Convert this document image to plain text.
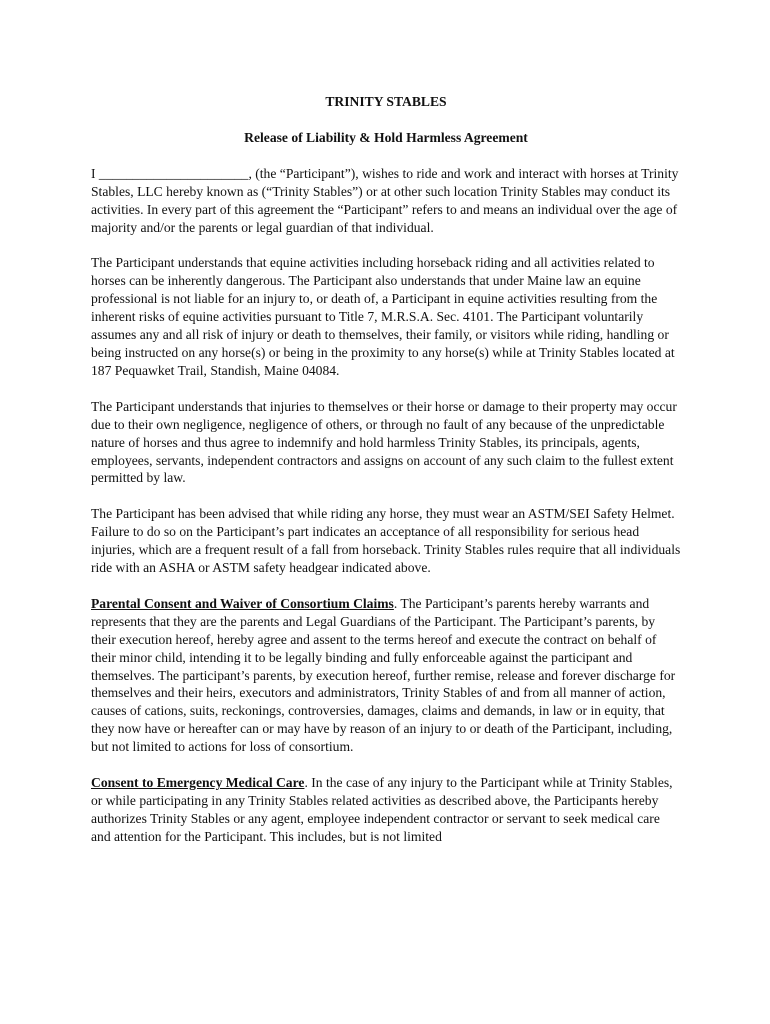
TRINITY STABLES
Release of Liability & Hold Harmless Agreement

I ______________________, (the “Participant”), wishes to ride and work and interact with horses at Trinity Stables, LLC hereby known as (“Trinity Stables”) or at other such location Trinity Stables may conduct its activities. In every part of this agreement the “Participant” refers to and means an individual over the age of majority and/or the parents or legal guardian of that individual.

The Participant understands that equine activities including horseback riding and all activities related to horses can be inherently dangerous. The Participant also understands that under Maine law an equine professional is not liable for an injury to, or death of, a Participant in equine activities resulting from the inherent risks of equine activities pursuant to Title 7, M.R.S.A. Sec. 4101. The Participant voluntarily assumes any and all risk of injury or death to themselves, their family, or visitors while riding, handling or being instructed on any horse(s) or being in the proximity to any horse(s) while at Trinity Stables located at 187 Pequawket Trail, Standish, Maine 04084.

The Participant understands that injuries to themselves or their horse or damage to their property may occur due to their own negligence, negligence of others, or through no fault of any because of the unpredictable nature of horses and thus agree to indemnify and hold harmless Trinity Stables, its principals, agents, employees, servants, independent contractors and assigns on account of any such claim to the fullest extent permitted by law.

The Participant has been advised that while riding any horse, they must wear an ASTM/SEI Safety Helmet. Failure to do so on the Participant’s part indicates an acceptance of all responsibility for serious head injuries, which are a frequent result of a fall from horseback. Trinity Stables rules require that all individuals ride with an ASHA or ASTM safety headgear indicated above.

Parental Consent and Waiver of Consortium Claims. The Participant’s parents hereby warrants and represents that they are the parents and Legal Guardians of the Participant. The Participant’s parents, by their execution hereof, hereby agree and assent to the terms hereof and execute the contract on behalf of their minor child, intending it to be legally binding and fully enforceable against the participant and themselves. The participant’s parents, by execution hereof, further remise, release and forever discharge for themselves and their heirs, executors and administrators, Trinity Stables of and from all manner of action, causes of cations, suits, reckonings, controversies, damages, claims and demands, in law or in equity, that they now have or hereafter can or may have by reason of an injury to or death of the Participant, including, but not limited to actions for loss of consortium.

Consent to Emergency Medical Care. In the case of any injury to the Participant while at Trinity Stables, or while participating in any Trinity Stables related activities as described above, the Participants hereby authorizes Trinity Stables or any agent, employee independent contractor or servant to seek medical care and attention for the Participant. This includes, but is not limited
